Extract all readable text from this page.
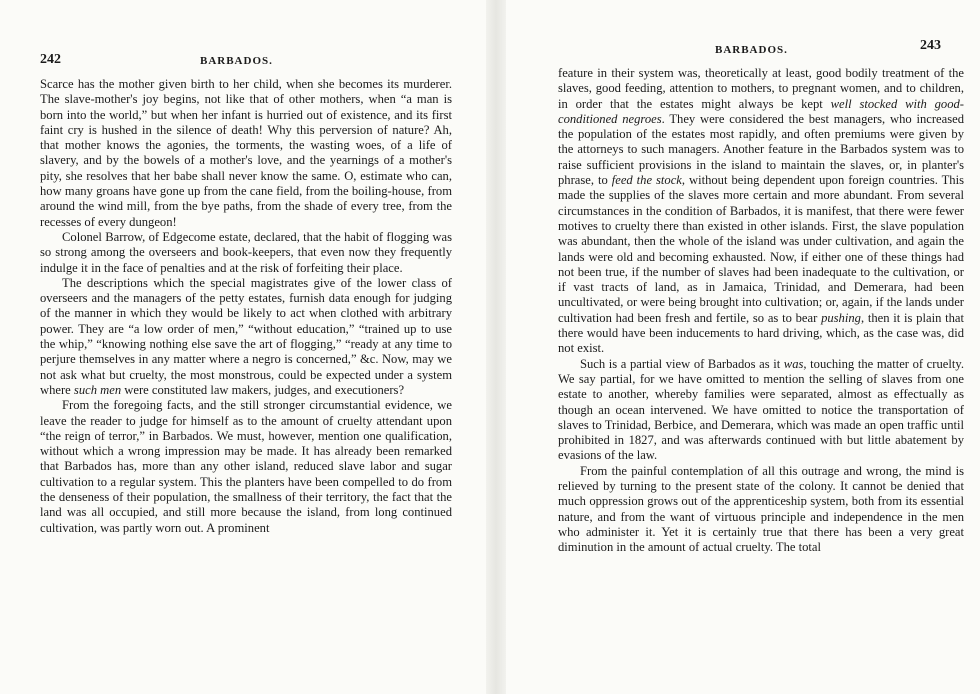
242	BARBADOS.

Scarce has the mother given birth to her child, when she becomes its murderer. The slave-mother's joy begins, not like that of other mothers, when “a man is born into the world,” but when her infant is hurried out of existence, and its first faint cry is hushed in the silence of death! Why this perversion of nature? Ah, that mother knows the agonies, the torments, the wasting woes, of a life of slavery, and by the bowels of a mother's love, and the yearnings of a mother's pity, she resolves that her babe shall never know the same. O, estimate who can, how many groans have gone up from the cane field, from the boiling-house, from around the wind mill, from the bye paths, from the shade of every tree, from the recesses of every dungeon!

Colonel Barrow, of Edgecome estate, declared, that the habit of flogging was so strong among the overseers and book-keepers, that even now they frequently indulge it in the face of penalties and at the risk of forfeiting their place.

The descriptions which the special magistrates give of the lower class of overseers and the managers of the petty estates, furnish data enough for judging of the manner in which they would be likely to act when clothed with arbitrary power. They are “a low order of men,” “without education,” “trained up to use the whip,” “knowing nothing else save the art of flogging,” “ready at any time to perjure themselves in any matter where a negro is concerned,” &c. Now, may we not ask what but cruelty, the most monstrous, could be expected under a system where such men were constituted law makers, judges, and executioners?

From the foregoing facts, and the still stronger circumstantial evidence, we leave the reader to judge for himself as to the amount of cruelty attendant upon “the reign of terror,” in Barbados. We must, however, mention one qualification, without which a wrong impression may be made. It has already been remarked that Barbados has, more than any other island, reduced slave labor and sugar cultivation to a regular system. This the planters have been compelled to do from the denseness of their population, the smallness of their territory, the fact that the land was all occupied, and still more because the island, from long continued cultivation, was partly worn out. A prominent

243
BARBADOS.

feature in their system was, theoretically at least, good bodily treatment of the slaves, good feeding, attention to mothers, to pregnant women, and to children, in order that the estates might always be kept well stocked with good-conditioned negroes. They were considered the best managers, who increased the population of the estates most rapidly, and often premiums were given by the attorneys to such managers. Another feature in the Barbados system was to raise sufficient provisions in the island to maintain the slaves, or, in planter's phrase, to feed the stock, without being dependent upon foreign countries. This made the supplies of the slaves more certain and more abundant. From several circumstances in the condition of Barbados, it is manifest, that there were fewer motives to cruelty there than existed in other islands. First, the slave population was abundant, then the whole of the island was under cultivation, and again the lands were old and becoming exhausted. Now, if either one of these things had not been true, if the number of slaves had been inadequate to the cultivation, or if vast tracts of land, as in Jamaica, Trinidad, and Demerara, had been uncultivated, or were being brought into cultivation; or, again, if the lands under cultivation had been fresh and fertile, so as to bear pushing, then it is plain that there would have been inducements to hard driving, which, as the case was, did not exist.

Such is a partial view of Barbados as it was, touching the matter of cruelty. We say partial, for we have omitted to mention the selling of slaves from one estate to another, whereby families were separated, almost as effectually as though an ocean intervened. We have omitted to notice the transportation of slaves to Trinidad, Berbice, and Demerara, which was made an open traffic until prohibited in 1827, and was afterwards continued with but little abatement by evasions of the law.

From the painful contemplation of all this outrage and wrong, the mind is relieved by turning to the present state of the colony. It cannot be denied that much oppression grows out of the apprenticeship system, both from its essential nature, and from the want of virtuous principle and independence in the men who administer it. Yet it is certainly true that there has been a very great diminution in the amount of actual cruelty. The total
